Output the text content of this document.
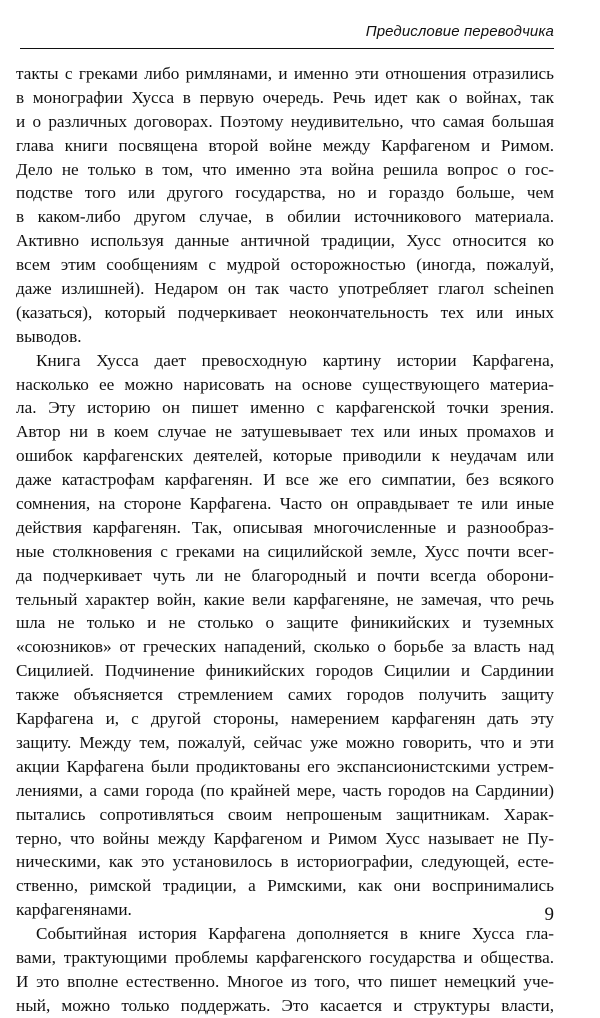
Предисловие переводчика
такты с греками либо римлянами, и именно эти отношения отразились
в монографии Хусса в первую очередь. Речь идет как о войнах, так
и о различных договорах. Поэтому неудивительно, что самая большая
глава книги посвящена второй войне между Карфагеном и Римом.
Дело не только в том, что именно эта война решила вопрос о гос-
подстве того или другого государства, но и гораздо больше, чем
в каком-либо другом случае, в обилии источникового материала.
Активно используя данные античной традиции, Хусс относится ко
всем этим сообщениям с мудрой осторожностью (иногда, пожалуй,
даже излишней). Недаром он так часто употребляет глагол scheinen
(казаться), который подчеркивает неокончательность тех или иных
выводов.
Книга Хусса дает превосходную картину истории Карфагена,
насколько ее можно нарисовать на основе существующего материа-
ла. Эту историю он пишет именно с карфагенской точки зрения.
Автор ни в коем случае не затушевывает тех или иных промахов и
ошибок карфагенских деятелей, которые приводили к неудачам или
даже катастрофам карфагенян. И все же его симпатии, без всякого
сомнения, на стороне Карфагена. Часто он оправдывает те или иные
действия карфагенян. Так, описывая многочисленные и разнообраз-
ные столкновения с греками на сицилийской земле, Хусс почти всег-
да подчеркивает чуть ли не благородный и почти всегда оборони-
тельный характер войн, какие вели карфагеняне, не замечая, что речь
шла не только и не столько о защите финикийских и туземных
«союзников» от греческих нападений, сколько о борьбе за власть над
Сицилией. Подчинение финикийских городов Сицилии и Сардинии
также объясняется стремлением самих городов получить защиту
Карфагена и, с другой стороны, намерением карфагенян дать эту
защиту. Между тем, пожалуй, сейчас уже можно говорить, что и эти
акции Карфагена были продиктованы его экспансионистскими устрем-
лениями, а сами города (по крайней мере, часть городов на Сардинии)
пытались сопротивляться своим непрошеным защитникам. Харак-
терно, что войны между Карфагеном и Римом Хусс называет не Пу-
ническими, как это установилось в историографии, следующей, есте-
ственно, римской традиции, а Римскими, как они воспринимались
карфагенянами.
Событийная история Карфагена дополняется в книге Хусса гла-
вами, трактующими проблемы карфагенского государства и общества.
И это вполне естественно. Многое из того, что пишет немецкий уче-
ный, можно только поддержать. Это касается и структуры власти,
9
